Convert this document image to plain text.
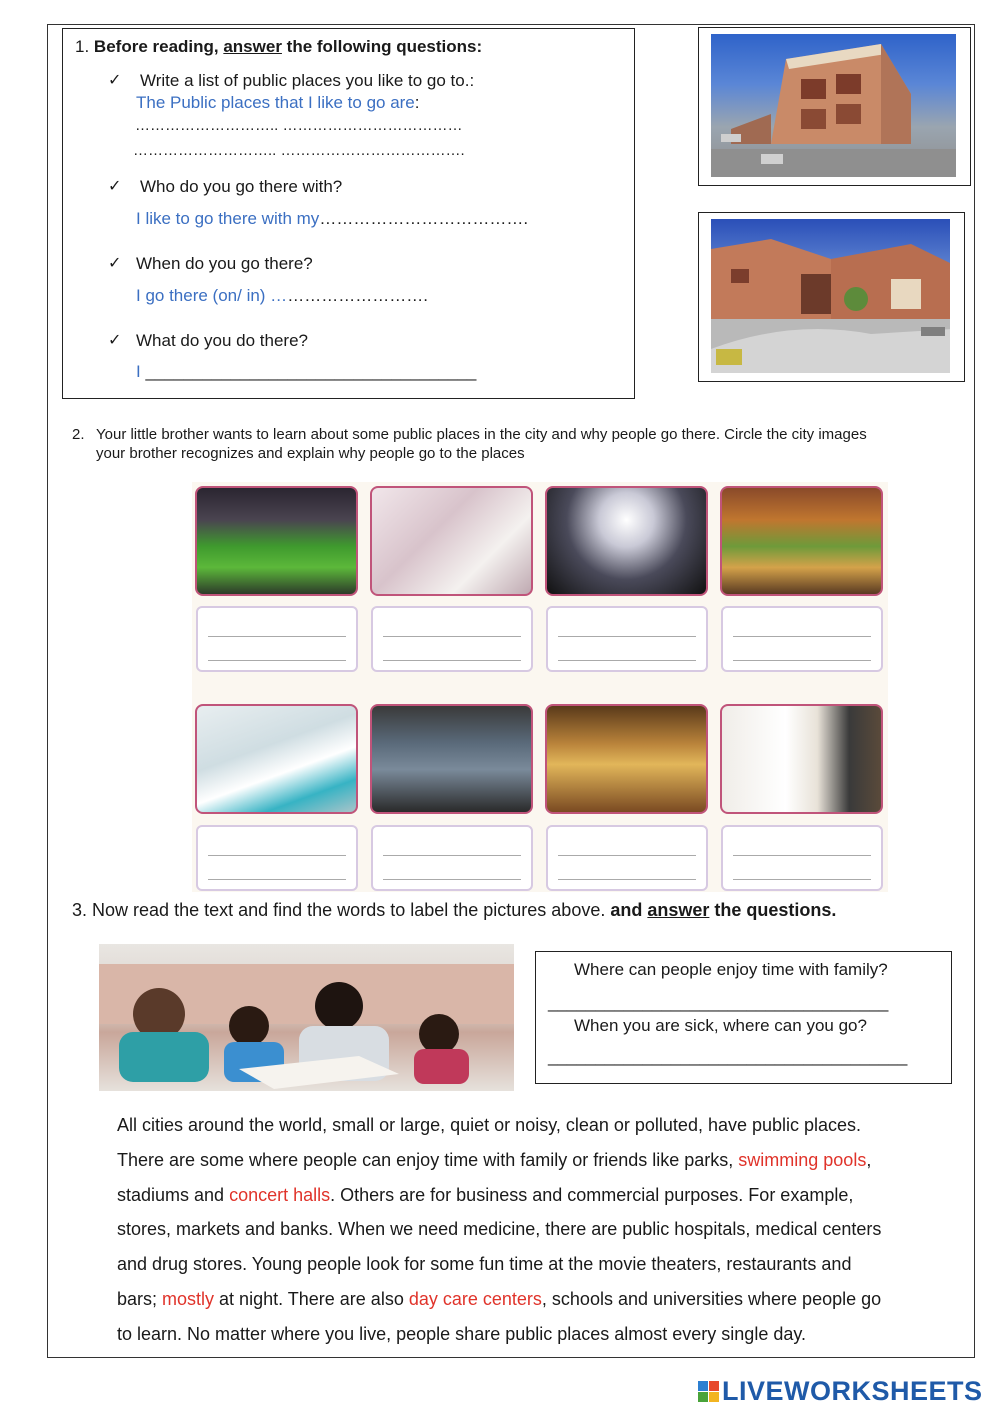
1. Before reading, answer the following questions:
✓ Write a list of public places you like to go to.:
The Public places that I like to go are:
……………………….. ………………………………
……………………….. ……………………………….
✓ Who do you go there with?
I like to go there with my……………………………….
✓ When do you go there?
I go there (on/ in) ……………………….
✓ What do you do there?
I ___________________________________
2. Your little brother wants to learn about some public places in the city and why people go there. Circle the city images
your brother recognizes and explain why people go to the places
3. Now read the text and find the words to label the pictures above. and answer the questions.
Where can people enjoy time with family?
____________________________________
When you are sick, where can you go?
______________________________________

All cities around the world, small or large, quiet or noisy, clean or polluted, have public places.

There are some where people can enjoy time with family or friends like parks, swimming pools,

stadiums and concert halls. Others are for business and commercial purposes. For example,

stores, markets and banks. When we need medicine, there are public hospitals, medical centers

and drug stores. Young people look for some fun time at the movie theaters, restaurants and

bars; mostly at night. There are also day care centers, schools and universities where people go

to learn. No matter where you live, people share public places almost every single day.

LIVEWORKSHEETS
